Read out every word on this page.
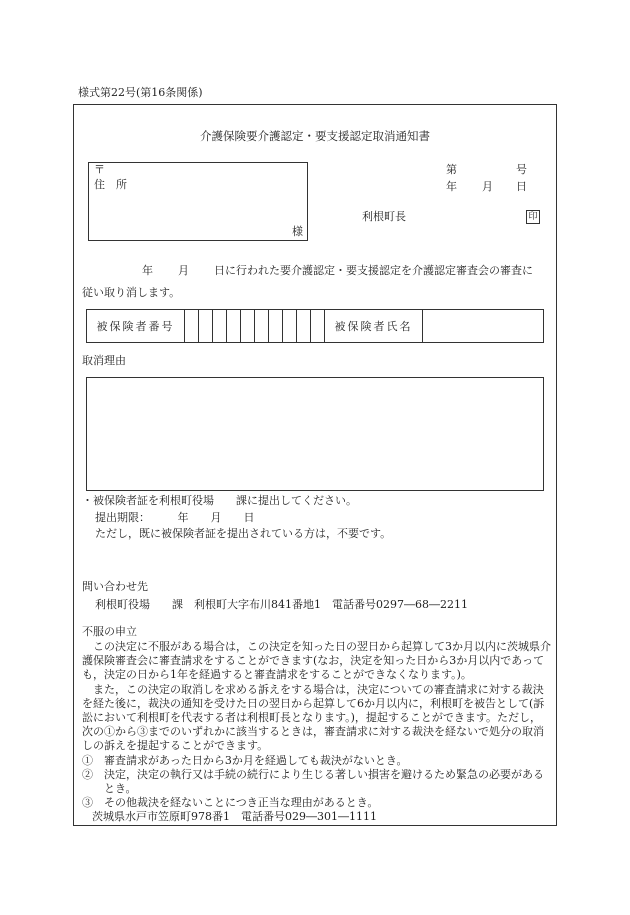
様式第22号(第16条関係)
介護保険要介護認定・要支援認定取消通知書
〒
住　所
様
第	号
年 月 日
利根町長	印
年 月 日に行われた要介護認定・要支援認定を介護認定審査会の審査に
従い取り消します。
被保険者番号	被保険者氏名
取消理由
・被保険者証を利根町役場　　課に提出してください。
提出期限：　　　年　　月　　日
ただし，既に被保険者証を提出されている方は，不要です。
問い合わせ先
利根町役場　　課　利根町大字布川841番地1　電話番号0297―68―2211
不服の申立

この決定に不服がある場合は，この決定を知った日の翌日から起算して3か月以内に茨城県介護保険審査会に審査請求をすることができます(なお，決定を知った日から3か月以内であっても，決定の日から1年を経過すると審査請求をすることができなくなります。)。

また，この決定の取消しを求める訴えをする場合は，決定についての審査請求に対する裁決を経た後に，裁決の通知を受けた日の翌日から起算して6か月以内に，利根町を被告として(訴訟において利根町を代表する者は利根町長となります。)，提起することができます。ただし，次の①から③までのいずれかに該当するときは，審査請求に対する裁決を経ないで処分の取消しの訴えを提起することができます。

①　審査請求があった日から3か月を経過しても裁決がないとき。

②　決定，決定の執行又は手続の続行により生じる著しい損害を避けるため緊急の必要があるとき。

③　その他裁決を経ないことにつき正当な理由があるとき。

茨城県水戸市笠原町978番1　電話番号029―301―1111
